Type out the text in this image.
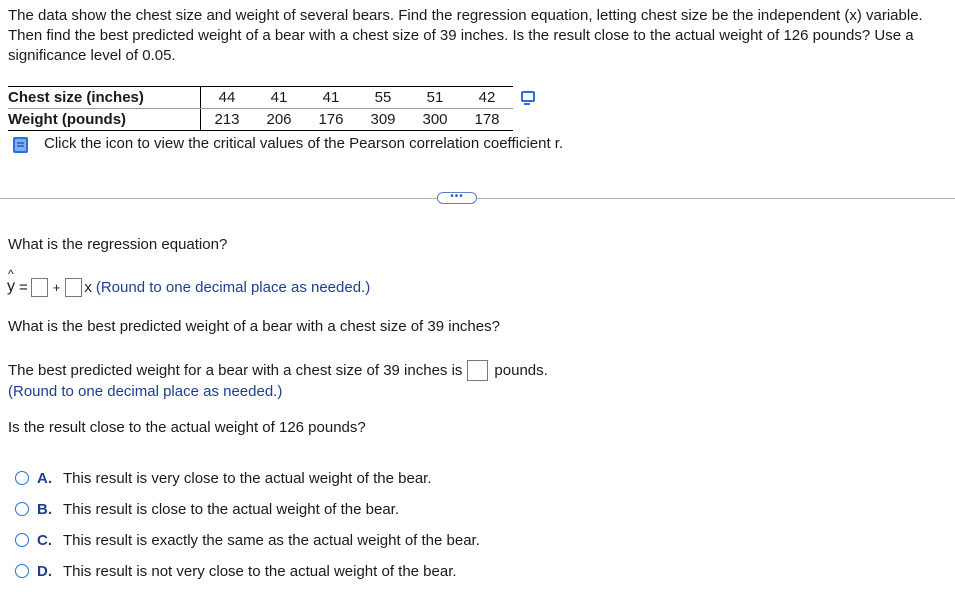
The data show the chest size and weight of several bears. Find the regression equation, letting chest size be the independent (x) variable. Then find the best predicted weight of a bear with a chest size of 39 inches. Is the result close to the actual weight of 126 pounds? Use a significance level of 0.05.
Chest size (inches)	44	41	41	55	51	42	
Weight (pounds)	213	206	176	309	300	178	
Click the icon to view the critical values of the Pearson correlation coefficient r.
•••
What is the regression equation?
^
y = + x (Round to one decimal place as needed.)
What is the best predicted weight of a bear with a chest size of 39 inches?
The best predicted weight for a bear with a chest size of 39 inches is pounds.
(Round to one decimal place as needed.)
Is the result close to the actual weight of 126 pounds?
A. This result is very close to the actual weight of the bear.
B. This result is close to the actual weight of the bear.
C. This result is exactly the same as the actual weight of the bear.
D. This result is not very close to the actual weight of the bear.
